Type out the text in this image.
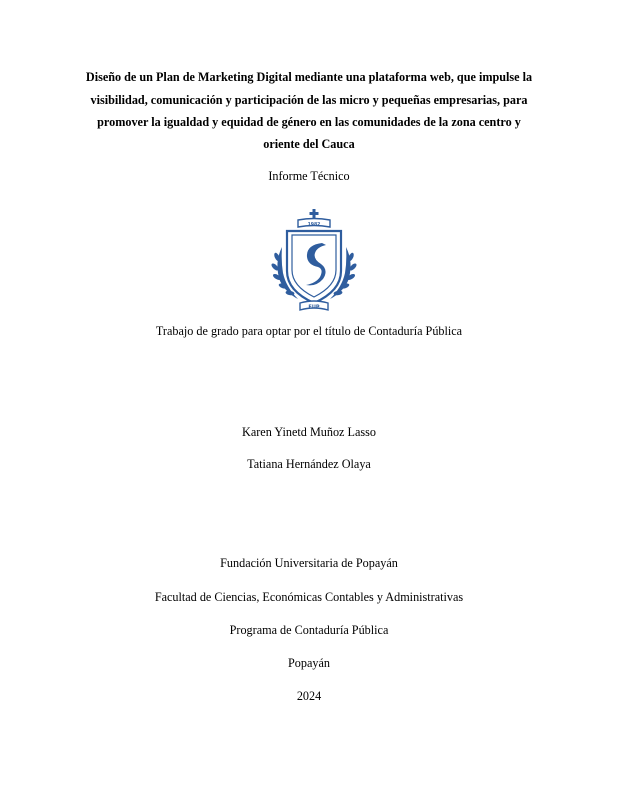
Diseño de un Plan de Marketing Digital mediante una plataforma web, que impulse la
visibilidad, comunicación y participación de las micro y pequeñas empresarias, para
promover la igualdad y equidad de género en las comunidades de la zona centro y
oriente del Cauca
Informe Técnico
1982
FUP
Trabajo de grado para optar por el título de Contaduría Pública
Karen Yinetd Muñoz Lasso
Tatiana Hernández Olaya
Fundación Universitaria de Popayán
Facultad de Ciencias, Económicas Contables y Administrativas
Programa de Contaduría Pública
Popayán
2024
